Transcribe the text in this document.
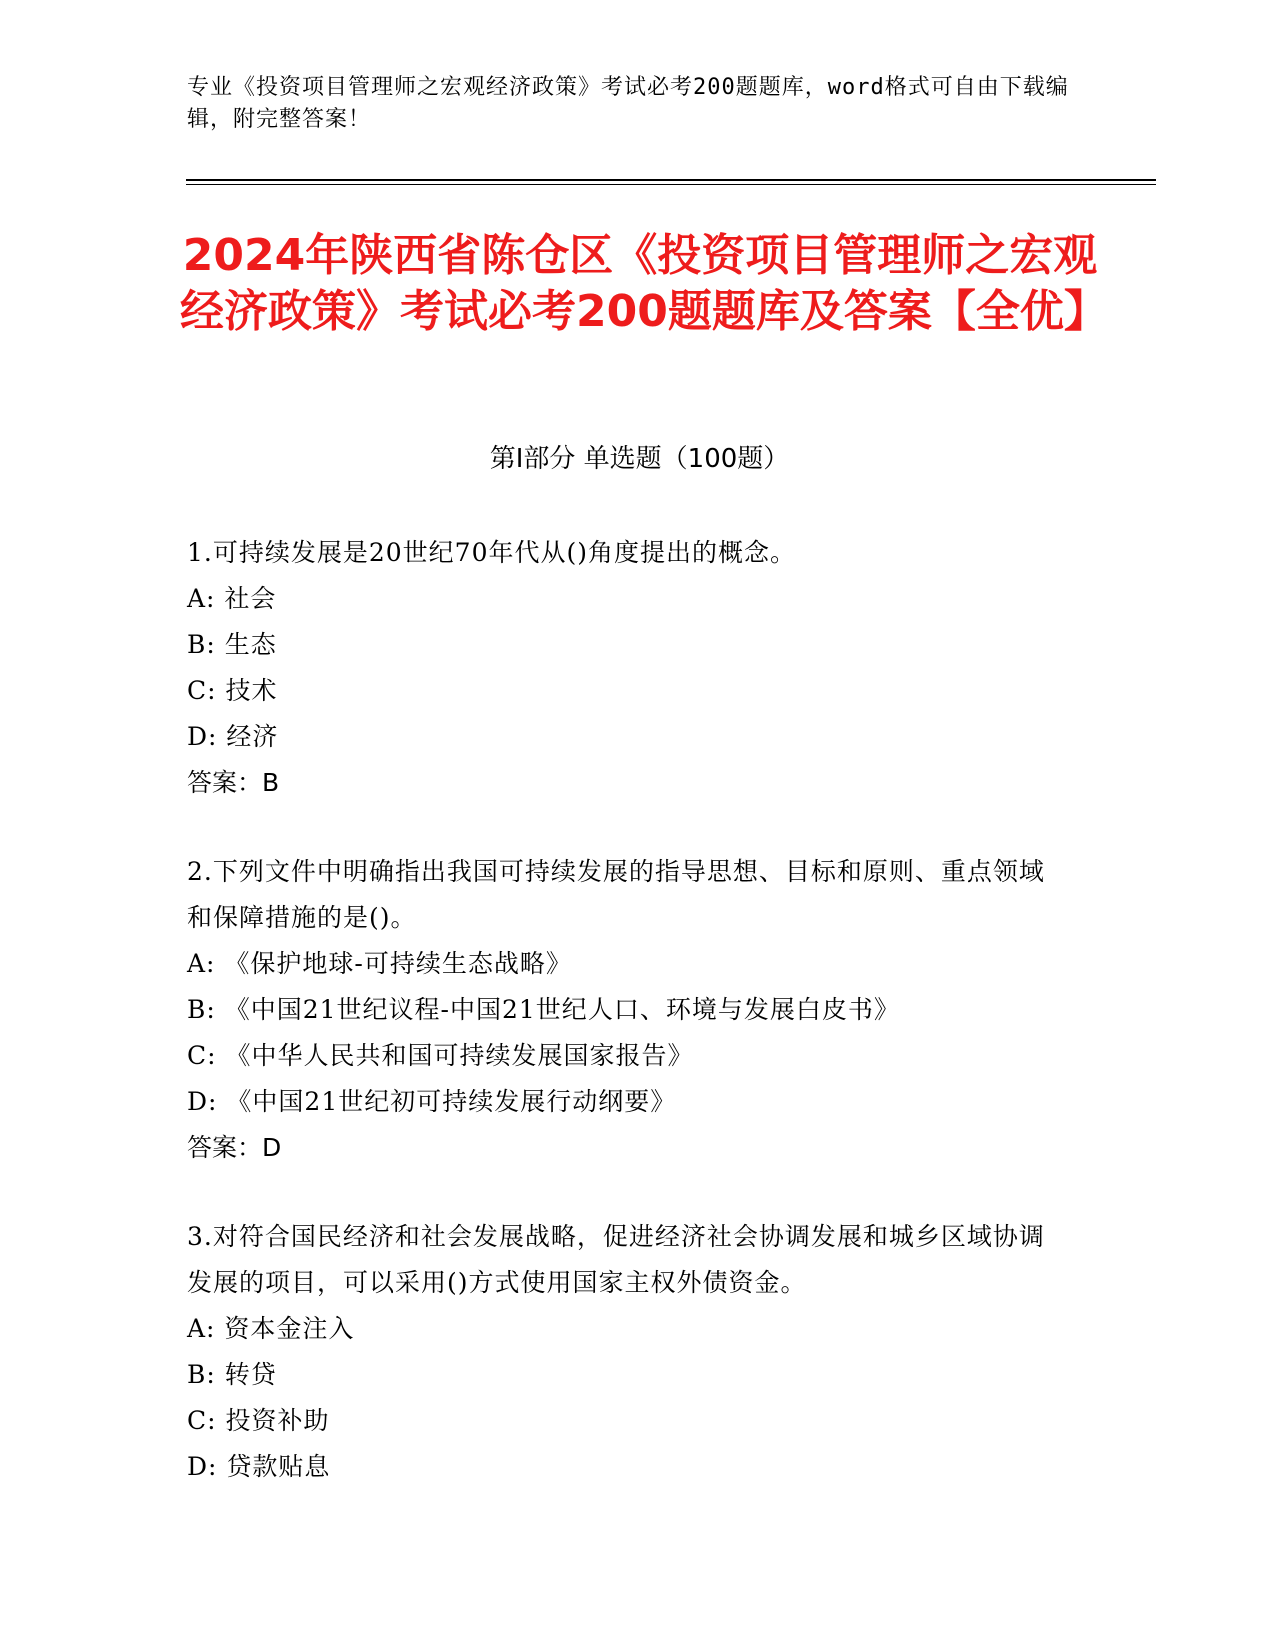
专业《投资项目管理师之宏观经济政策》考试必考200题题库，word格式可自由下载编辑，附完整答案！
2024年陕西省陈仓区《投资项目管理师之宏观经济政策》考试必考200题题库及答案【全优】
第Ⅰ部分 单选题（100题）
1.可持续发展是20世纪70年代从()角度提出的概念。
A: 社会
B: 生态
C: 技术
D: 经济
答案：B
2.下列文件中明确指出我国可持续发展的指导思想、目标和原则、重点领域和保障措施的是()。
A: 《保护地球-可持续生态战略》
B: 《中国21世纪议程-中国21世纪人口、环境与发展白皮书》
C: 《中华人民共和国可持续发展国家报告》
D: 《中国21世纪初可持续发展行动纲要》
答案：D
3.对符合国民经济和社会发展战略，促进经济社会协调发展和城乡区域协调发展的项目，可以采用()方式使用国家主权外债资金。
A: 资本金注入
B: 转贷
C: 投资补助
D: 贷款贴息
